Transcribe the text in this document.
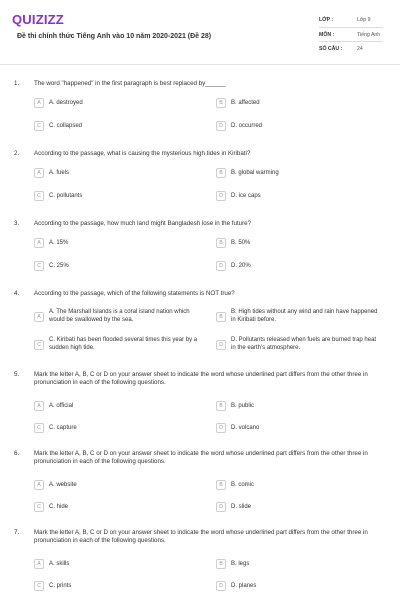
QUIZIZZ
Đề thi chính thức Tiếng Anh vào 10 năm 2020-2021 (Đề 28)
LỚP :	Lớp 9
MÔN :	Tiếng Anh
SỐ CÂU :	24
1. The word "happened" in the first paragraph is best replaced by______
A	A. destroyed	B	B. affected
C	C. collapsed	D	D. occurred
2. According to the passage, what is causing the mysterious high tides in Kiribati?
A	A. fuels	B	B. global warming
C	C. pollutants	D	D. ice caps
3. According to the passage, how much land might Bangladesh lose in the future?
A	A. 15%	B	B. 50%
C	C. 25%	D	D. 20%
4. According to the passage, which of the following statements is NOT true?
A
A. The Marshall Islands is a coral island nation which would be swallowed by the sea.	B
B. High tides without any wind and rain have happened in Kiribati before.
C
C. Kiribati has been flooded several times this year by a sudden high tide.	D
D. Pollutants released when fuels are burned trap heat in the earth's atmosphere.
5. Mark the letter A, B, C or D on your answer sheet to indicate the word whose underlined part differs from the other three in pronunciation in each of the following questions.
A	A. official	B	B. public
C	C. capture	D	D. volcano
6. Mark the letter A, B, C or D on your answer sheet to indicate the word whose underlined part differs from the other three in pronunciation in each of the following questions.
A	A. website	B	B. comic
C	C. hide	D	D. slide
7. Mark the letter A, B, C or D on your answer sheet to indicate the word whose underlined part differs from the other three in pronunciation in each of the following questions.
A	A. skills	B	B. legs
C	C. prints	D	D. planes
